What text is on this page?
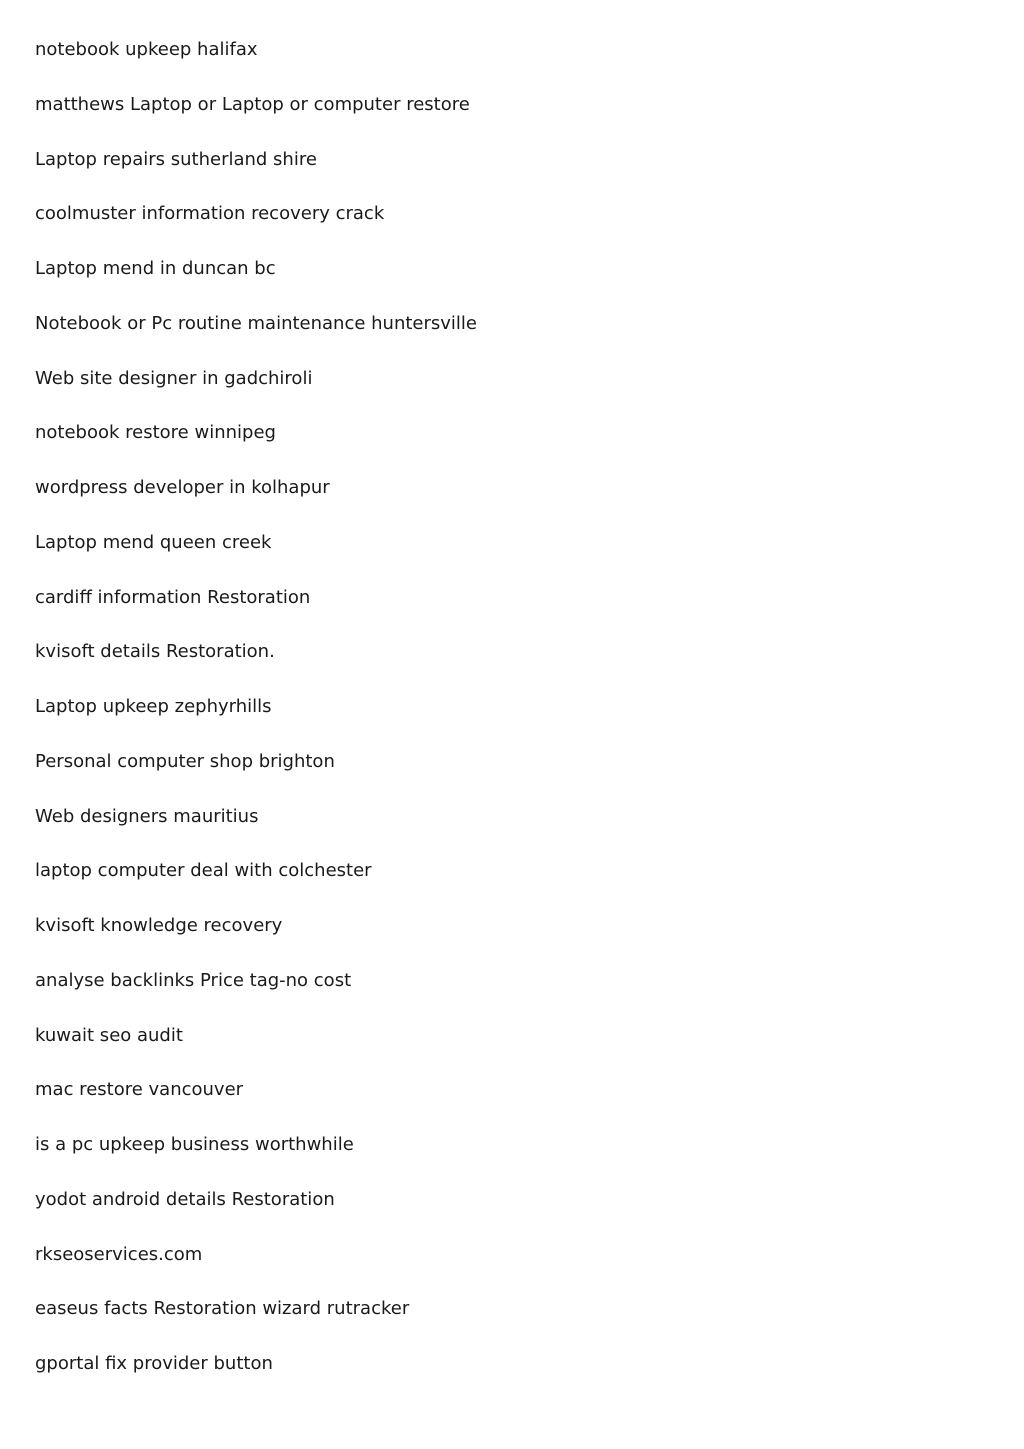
notebook upkeep halifax
matthews Laptop or Laptop or computer restore
Laptop repairs sutherland shire
coolmuster information recovery crack
Laptop mend in duncan bc
Notebook or Pc routine maintenance huntersville
Web site designer in gadchiroli
notebook restore winnipeg
wordpress developer in kolhapur
Laptop mend queen creek
cardiff information Restoration
kvisoft details Restoration.
Laptop upkeep zephyrhills
Personal computer shop brighton
Web designers mauritius
laptop computer deal with colchester
kvisoft knowledge recovery
analyse backlinks Price tag-no cost
kuwait seo audit
mac restore vancouver
is a pc upkeep business worthwhile
yodot android details Restoration
rkseoservices.com
easeus facts Restoration wizard rutracker
gportal fix provider button
